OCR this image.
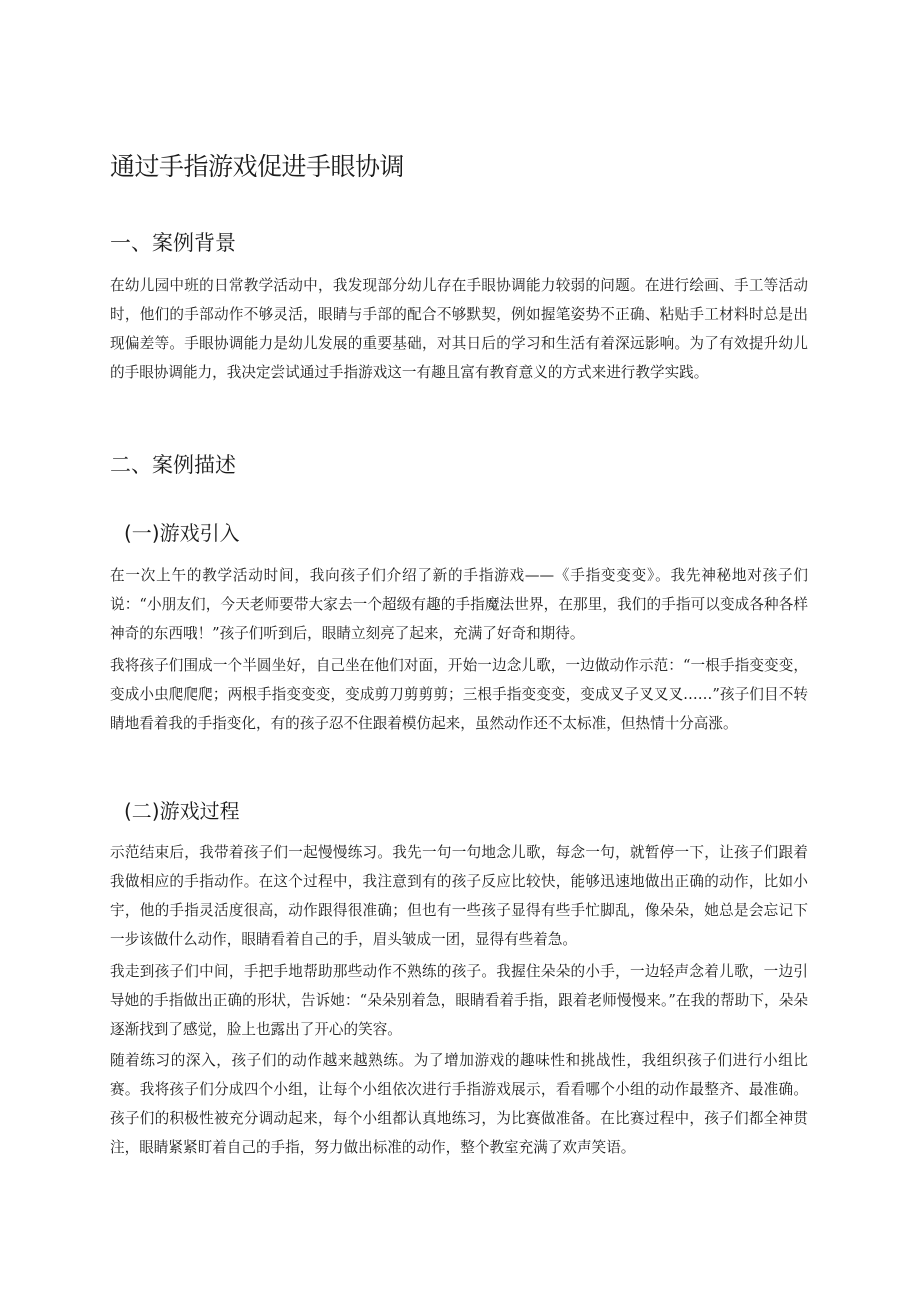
通过手指游戏促进手眼协调
一、案例背景

在幼儿园中班的日常教学活动中，我发现部分幼儿存在手眼协调能力较弱的问题。在进行绘画、手工等活动时，他们的手部动作不够灵活，眼睛与手部的配合不够默契，例如握笔姿势不正确、粘贴手工材料时总是出现偏差等。手眼协调能力是幼儿发展的重要基础，对其日后的学习和生活有着深远影响。为了有效提升幼儿的手眼协调能力，我决定尝试通过手指游戏这一有趣且富有教育意义的方式来进行教学实践。

二、案例描述
(一)游戏引入

在一次上午的教学活动时间，我向孩子们介绍了新的手指游戏——《手指变变变》。我先神秘地对孩子们说：“小朋友们，今天老师要带大家去一个超级有趣的手指魔法世界，在那里，我们的手指可以变成各种各样神奇的东西哦！”孩子们听到后，眼睛立刻亮了起来，充满了好奇和期待。

我将孩子们围成一个半圆坐好，自己坐在他们对面，开始一边念儿歌，一边做动作示范：“一根手指变变变，变成小虫爬爬爬；两根手指变变变，变成剪刀剪剪剪；三根手指变变变，变成叉子叉叉叉……”孩子们目不转睛地看着我的手指变化，有的孩子忍不住跟着模仿起来，虽然动作还不太标准，但热情十分高涨。

(二)游戏过程

示范结束后，我带着孩子们一起慢慢练习。我先一句一句地念儿歌，每念一句，就暂停一下，让孩子们跟着我做相应的手指动作。在这个过程中，我注意到有的孩子反应比较快，能够迅速地做出正确的动作，比如小宇，他的手指灵活度很高，动作跟得很准确；但也有一些孩子显得有些手忙脚乱，像朵朵，她总是会忘记下一步该做什么动作，眼睛看着自己的手，眉头皱成一团，显得有些着急。

我走到孩子们中间，手把手地帮助那些动作不熟练的孩子。我握住朵朵的小手，一边轻声念着儿歌，一边引导她的手指做出正确的形状，告诉她：“朵朵别着急，眼睛看着手指，跟着老师慢慢来。”在我的帮助下，朵朵逐渐找到了感觉，脸上也露出了开心的笑容。

随着练习的深入，孩子们的动作越来越熟练。为了增加游戏的趣味性和挑战性，我组织孩子们进行小组比赛。我将孩子们分成四个小组，让每个小组依次进行手指游戏展示，看看哪个小组的动作最整齐、最准确。孩子们的积极性被充分调动起来，每个小组都认真地练习，为比赛做准备。在比赛过程中，孩子们都全神贯注，眼睛紧紧盯着自己的手指，努力做出标准的动作，整个教室充满了欢声笑语。
